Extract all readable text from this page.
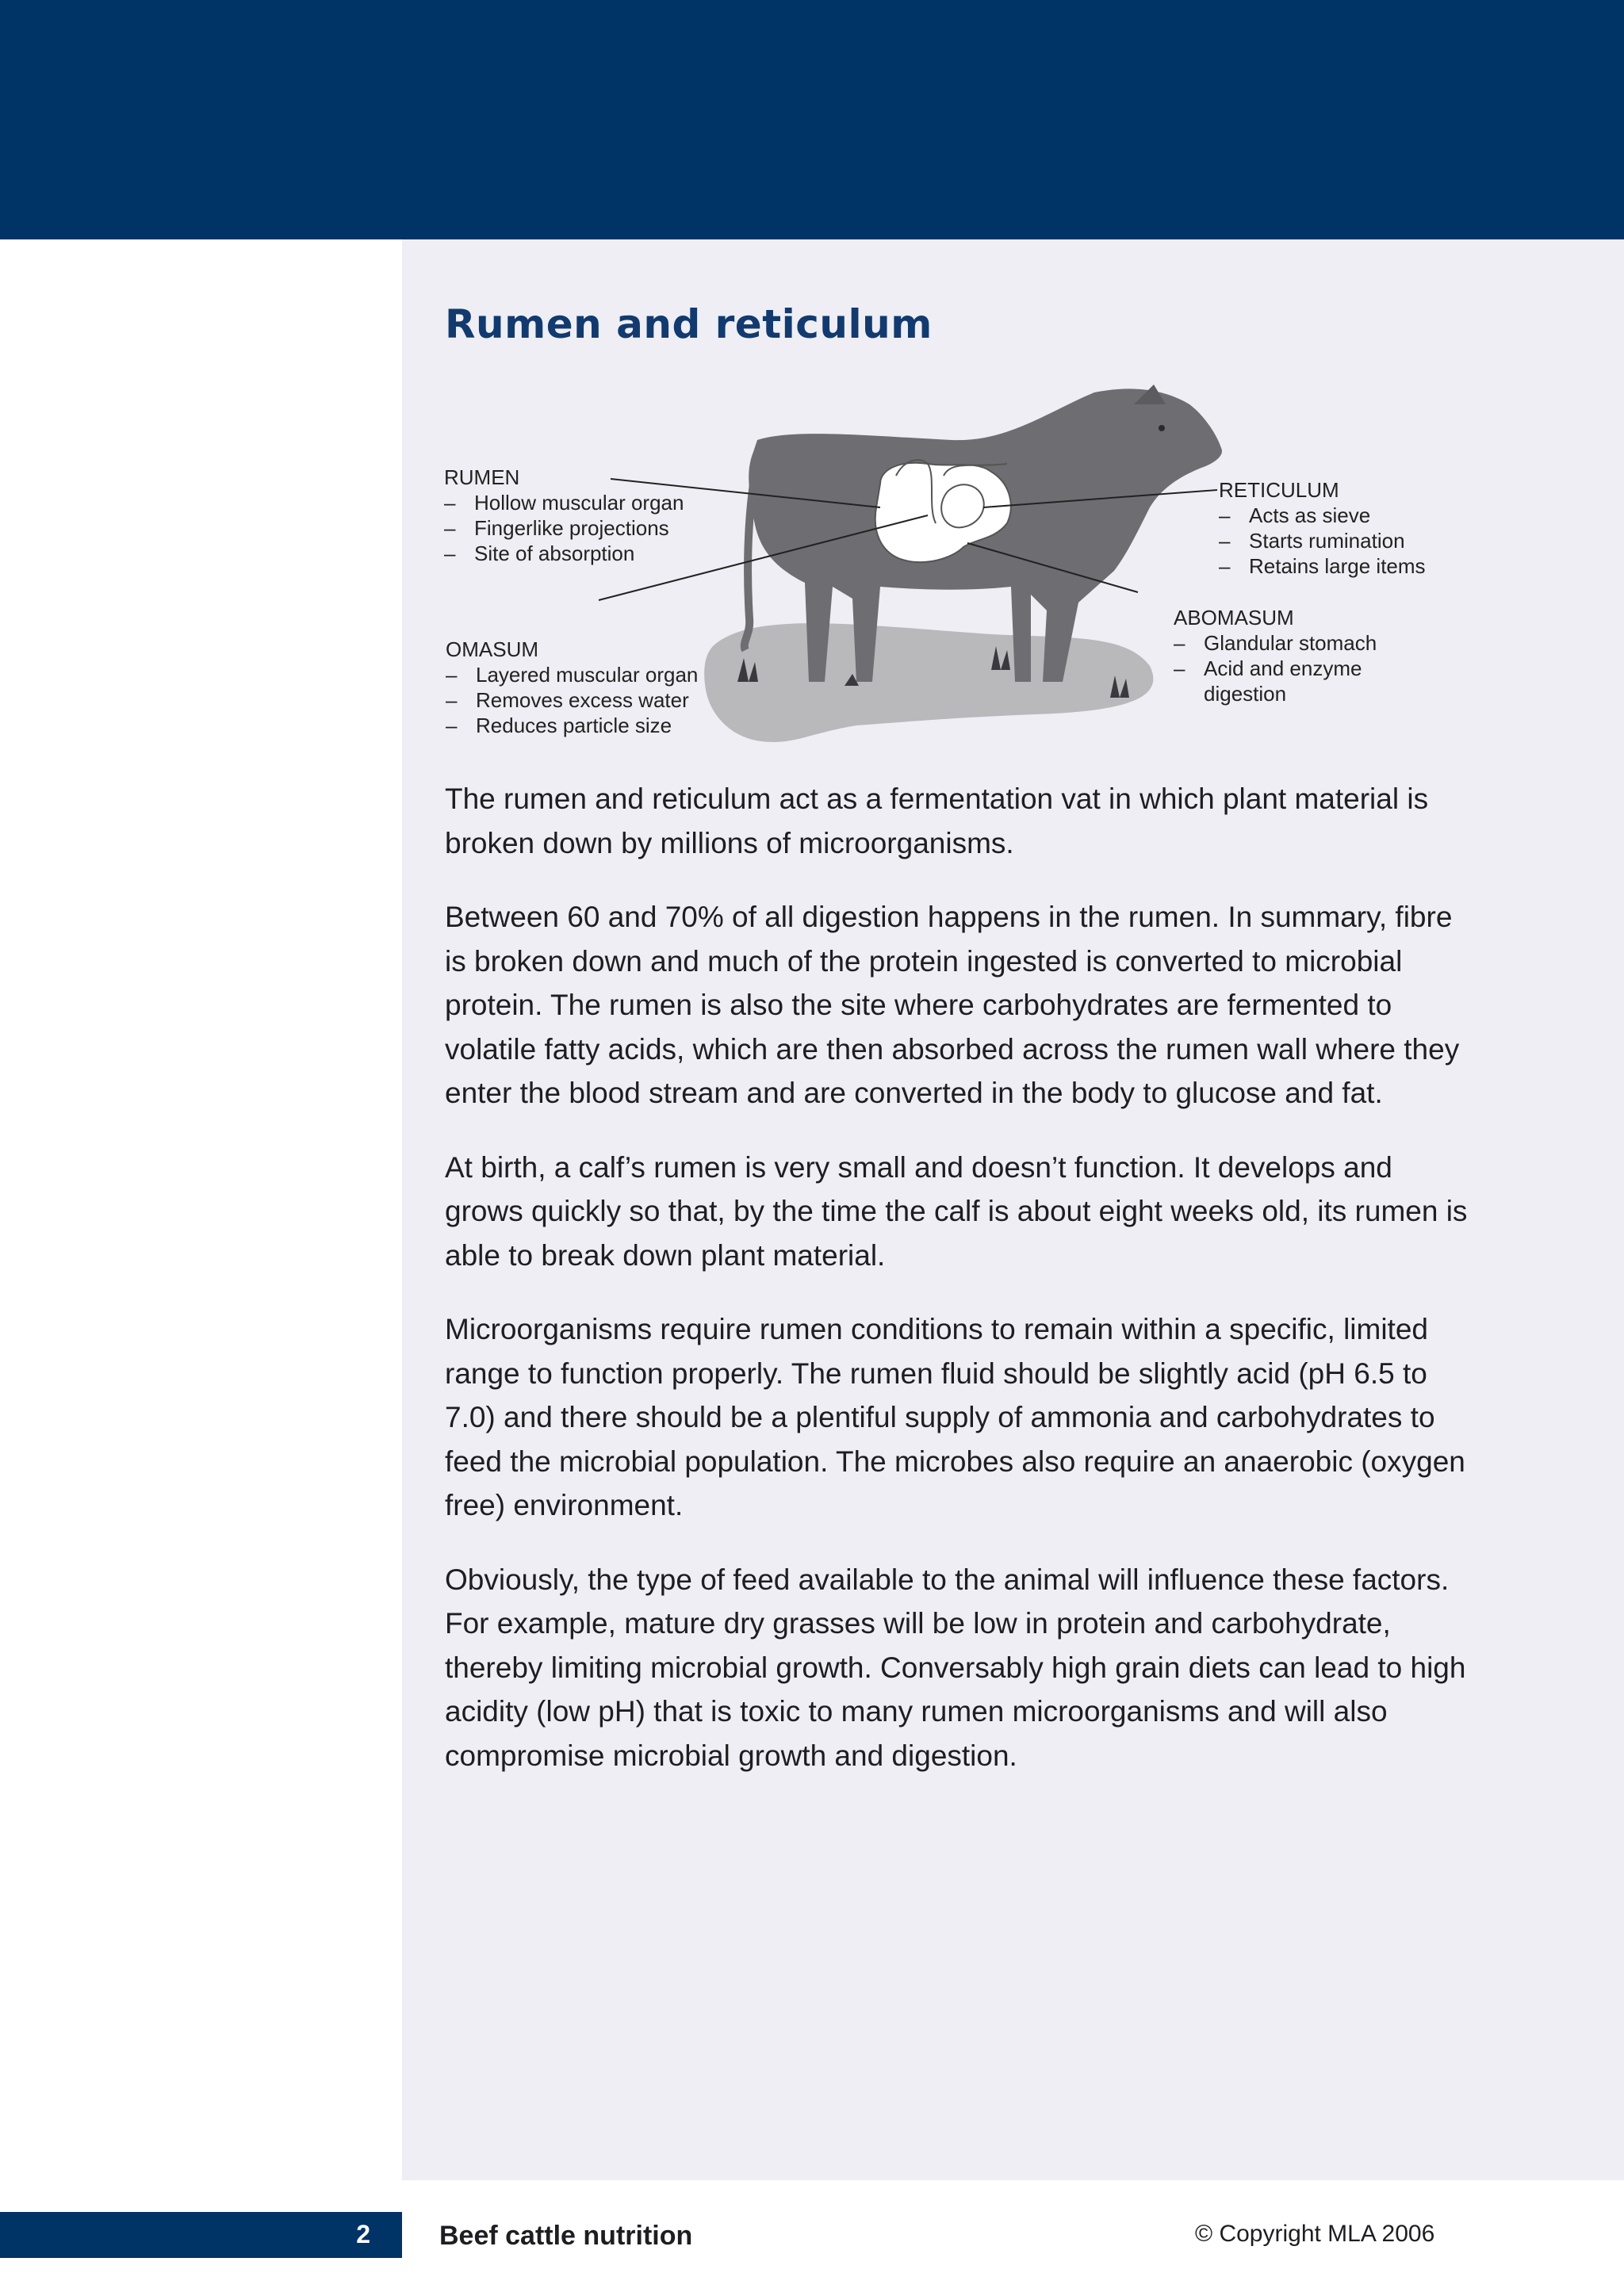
Rumen and reticulum
RUMEN
– Hollow muscular organ
– Fingerlike projections
– Site of absorption
OMASUM
– Layered muscular organ
– Removes excess water
– Reduces particle size
RETICULUM
– Acts as sieve
– Starts rumination
– Retains large items
ABOMASUM
– Glandular stomach
– Acid and enzyme digestion

The rumen and reticulum act as a fermentation vat in which plant material is broken down by millions of microorganisms.

Between 60 and 70% of all digestion happens in the rumen. In summary, fibre is broken down and much of the protein ingested is converted to microbial protein. The rumen is also the site where carbohydrates are fermented to volatile fatty acids, which are then absorbed across the rumen wall where they enter the blood stream and are converted in the body to glucose and fat.

At birth, a calf’s rumen is very small and doesn’t function. It develops and grows quickly so that, by the time the calf is about eight weeks old, its rumen is able to break down plant material.

Microorganisms require rumen conditions to remain within a specific, limited range to function properly. The rumen fluid should be slightly acid (pH 6.5 to 7.0) and there should be a plentiful supply of ammonia and carbohydrates to feed the microbial population. The microbes also require an anaerobic (oxygen free) environment.

Obviously, the type of feed available to the animal will influence these factors. For example, mature dry grasses will be low in protein and carbohydrate, thereby limiting microbial growth. Conversably high grain diets can lead to high acidity (low pH) that is toxic to many rumen microorganisms and will also compromise microbial growth and digestion.

2	Beef cattle nutrition	© Copyright MLA 2006
